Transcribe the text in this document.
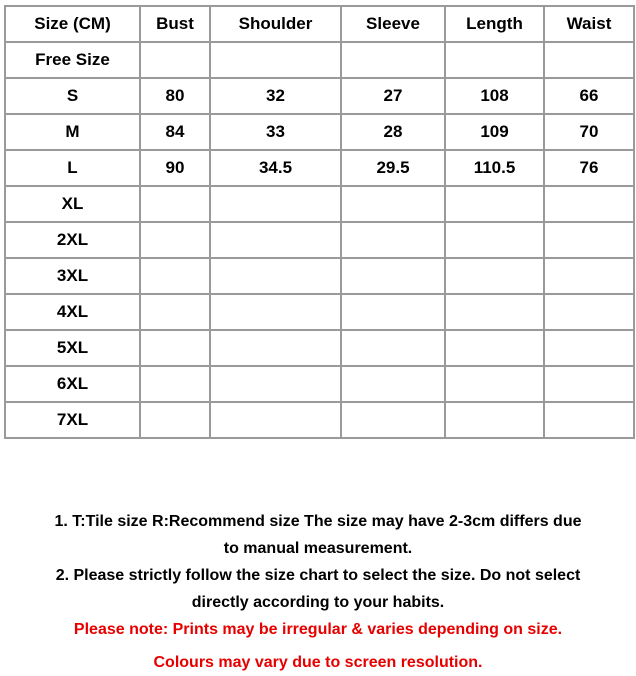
Size (CM)	Bust	Shoulder	Sleeve	Length	Waist
Free Size					
S	80	32	27	108	66
M	84	33	28	109	70
L	90	34.5	29.5	110.5	76
XL					
2XL					
3XL					
4XL					
5XL					
6XL					
7XL					

1. T:Tile size R:Recommend size The size may have 2-3cm differs due

to manual measurement.

2. Please strictly follow the size chart to select the size. Do not select

directly according to your habits.

Please note: Prints may be irregular & varies depending on size.

Colours may vary due to screen resolution.
